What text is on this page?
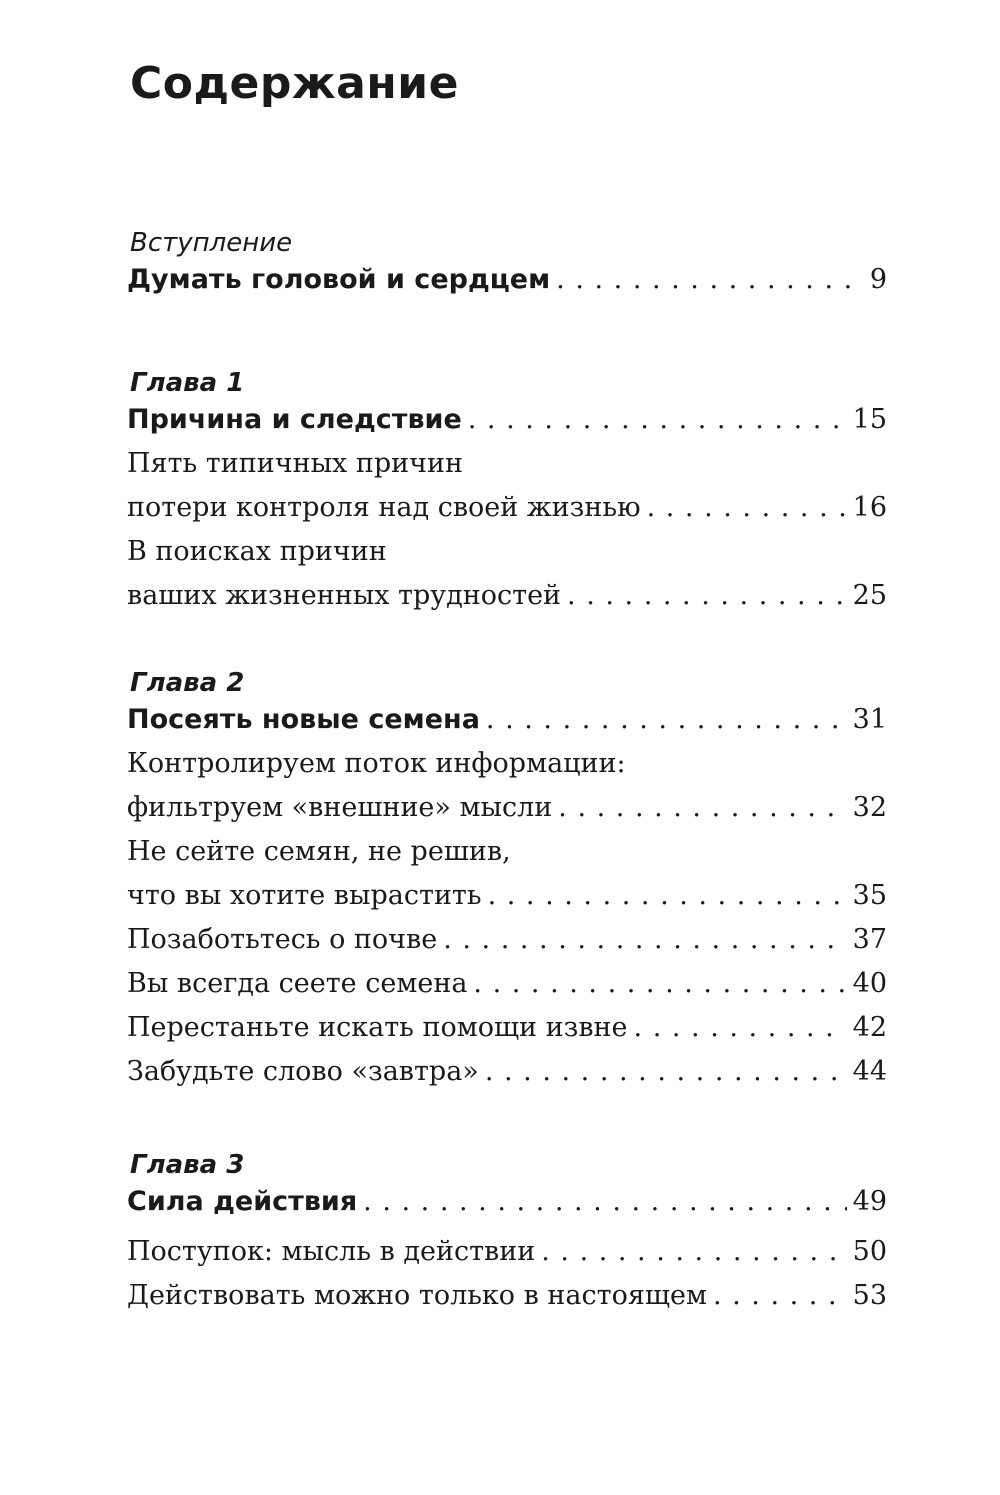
Содержание
Вступление
Думать головой и сердцем . . .	9
Глава 1
Причина и следствие . . .	15
Пять типичных причин
потери контроля над своей жизнью . . .	16
В поисках причин
ваших жизненных трудностей . . .	25
Глава 2
Посеять новые семена . . .	31
Контролируем поток информации:
фильтруем «внешние» мысли . . .	32
Не сейте семян, не решив,
что вы хотите вырастить . . .	35
Позаботьтесь о почве . . .	37
Вы всегда сеете семена . . .	40
Перестаньте искать помощи извне . . .	42
Забудьте слово «завтра» . . .	44
Глава 3
Сила действия . . .	49
Поступок: мысль в действии . . .	50
Действовать можно только в настоящем . . .	53
